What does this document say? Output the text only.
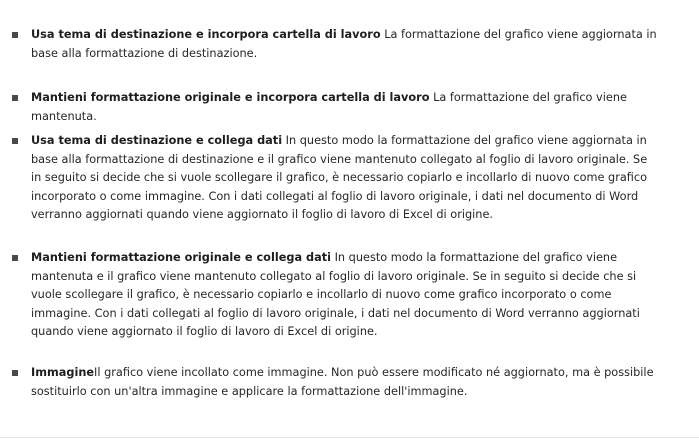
Usa tema di destinazione e incorpora cartella di lavoro La formattazione del grafico viene aggiornata in base alla formattazione di destinazione.
Mantieni formattazione originale e incorpora cartella di lavoro La formattazione del grafico viene mantenuta.
Usa tema di destinazione e collega dati In questo modo la formattazione del grafico viene aggiornata in base alla formattazione di destinazione e il grafico viene mantenuto collegato al foglio di lavoro originale. Se in seguito si decide che si vuole scollegare il grafico, è necessario copiarlo e incollarlo di nuovo come grafico incorporato o come immagine. Con i dati collegati al foglio di lavoro originale, i dati nel documento di Word verranno aggiornati quando viene aggiornato il foglio di lavoro di Excel di origine.
Mantieni formattazione originale e collega dati In questo modo la formattazione del grafico viene mantenuta e il grafico viene mantenuto collegato al foglio di lavoro originale. Se in seguito si decide che si vuole scollegare il grafico, è necessario copiarlo e incollarlo di nuovo come grafico incorporato o come immagine. Con i dati collegati al foglio di lavoro originale, i dati nel documento di Word verranno aggiornati quando viene aggiornato il foglio di lavoro di Excel di origine.
ImmagineIl grafico viene incollato come immagine. Non può essere modificato né aggiornato, ma è possibile sostituirlo con un'altra immagine e applicare la formattazione dell'immagine.
